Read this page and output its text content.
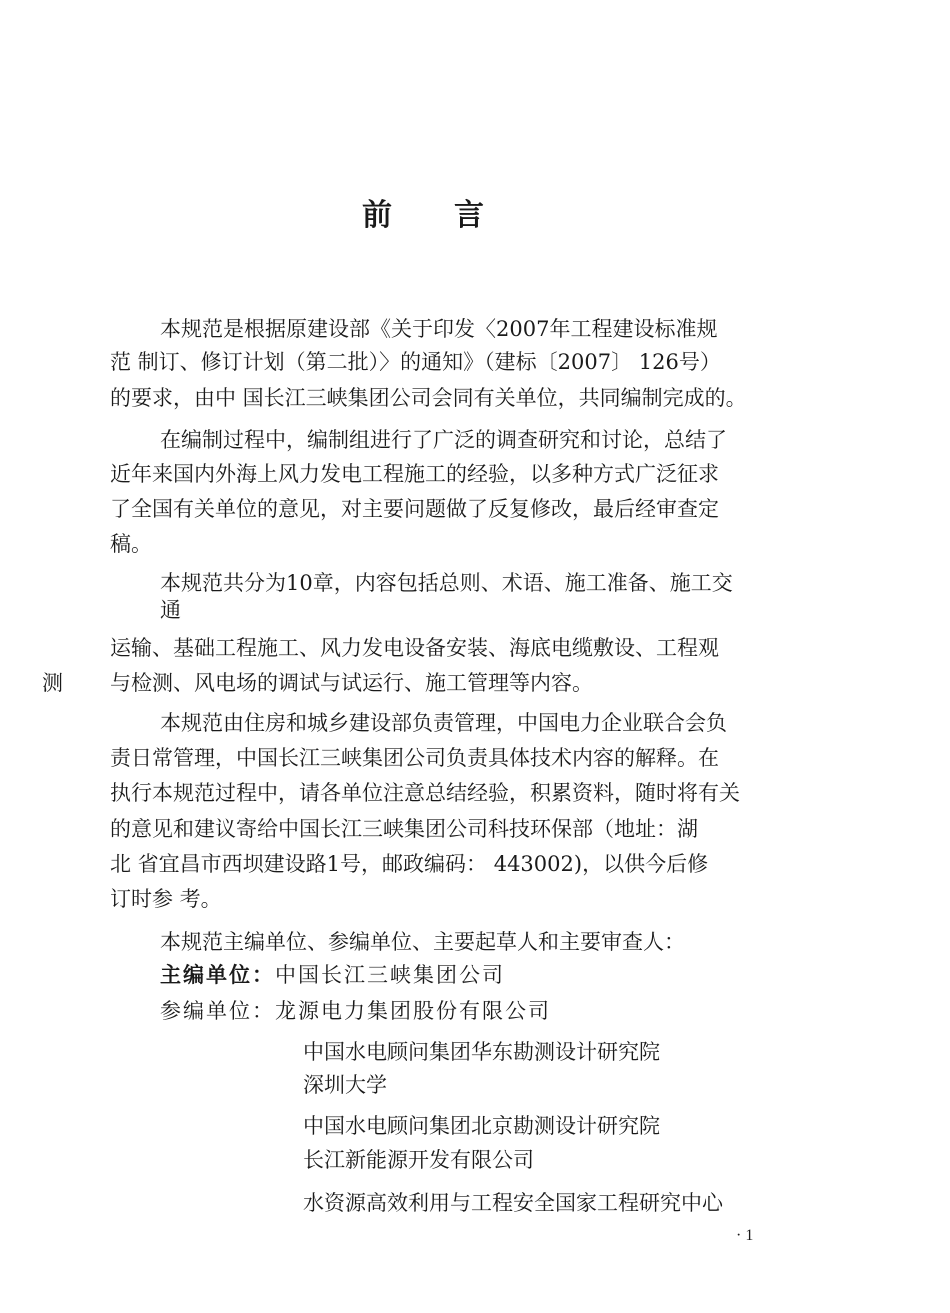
前言
本规范是根据原建设部《关于印发〈2007年工程建设标准规
范 制订、修订计划（第二批）〉的通知》（建标〔2007〕 126号）
的要求，由中 国长江三峡集团公司会同有关单位，共同编制完成的。
在编制过程中，编制组进行了广泛的调查研究和讨论，总结了
近年来国内外海上风力发电工程施工的经验，以多种方式广泛征求
了全国有关单位的意见，对主要问题做了反复修改，最后经审查定
稿。
本规范共分为10章，内容包括总则、术语、施工准备、施工交
通
运输、基础工程施工、风力发电设备安装、海底电缆敷设、工程观
测 与检测、风电场的调试与试运行、施工管理等内容。
本规范由住房和城乡建设部负责管理，中国电力企业联合会负
责日常管理，中国长江三峡集团公司负责具体技术内容的解释。在
执行本规范过程中，请各单位注意总结经验，积累资料，随时将有关
的意见和建议寄给中国长江三峡集团公司科技环保部（地址：湖
北 省宜昌市西坝建设路1号，邮政编码： 443002)，以供今后修
订时参 考。
本规范主编单位、参编单位、主要起草人和主要审查人：
主编单位：中国长江三峡集团公司
参编单位：龙源电力集团股份有限公司
中国水电顾问集团华东勘测设计研究院
深圳大学
中国水电顾问集团北京勘测设计研究院
长江新能源开发有限公司
水资源高效利用与工程安全国家工程研究中心
· 1
